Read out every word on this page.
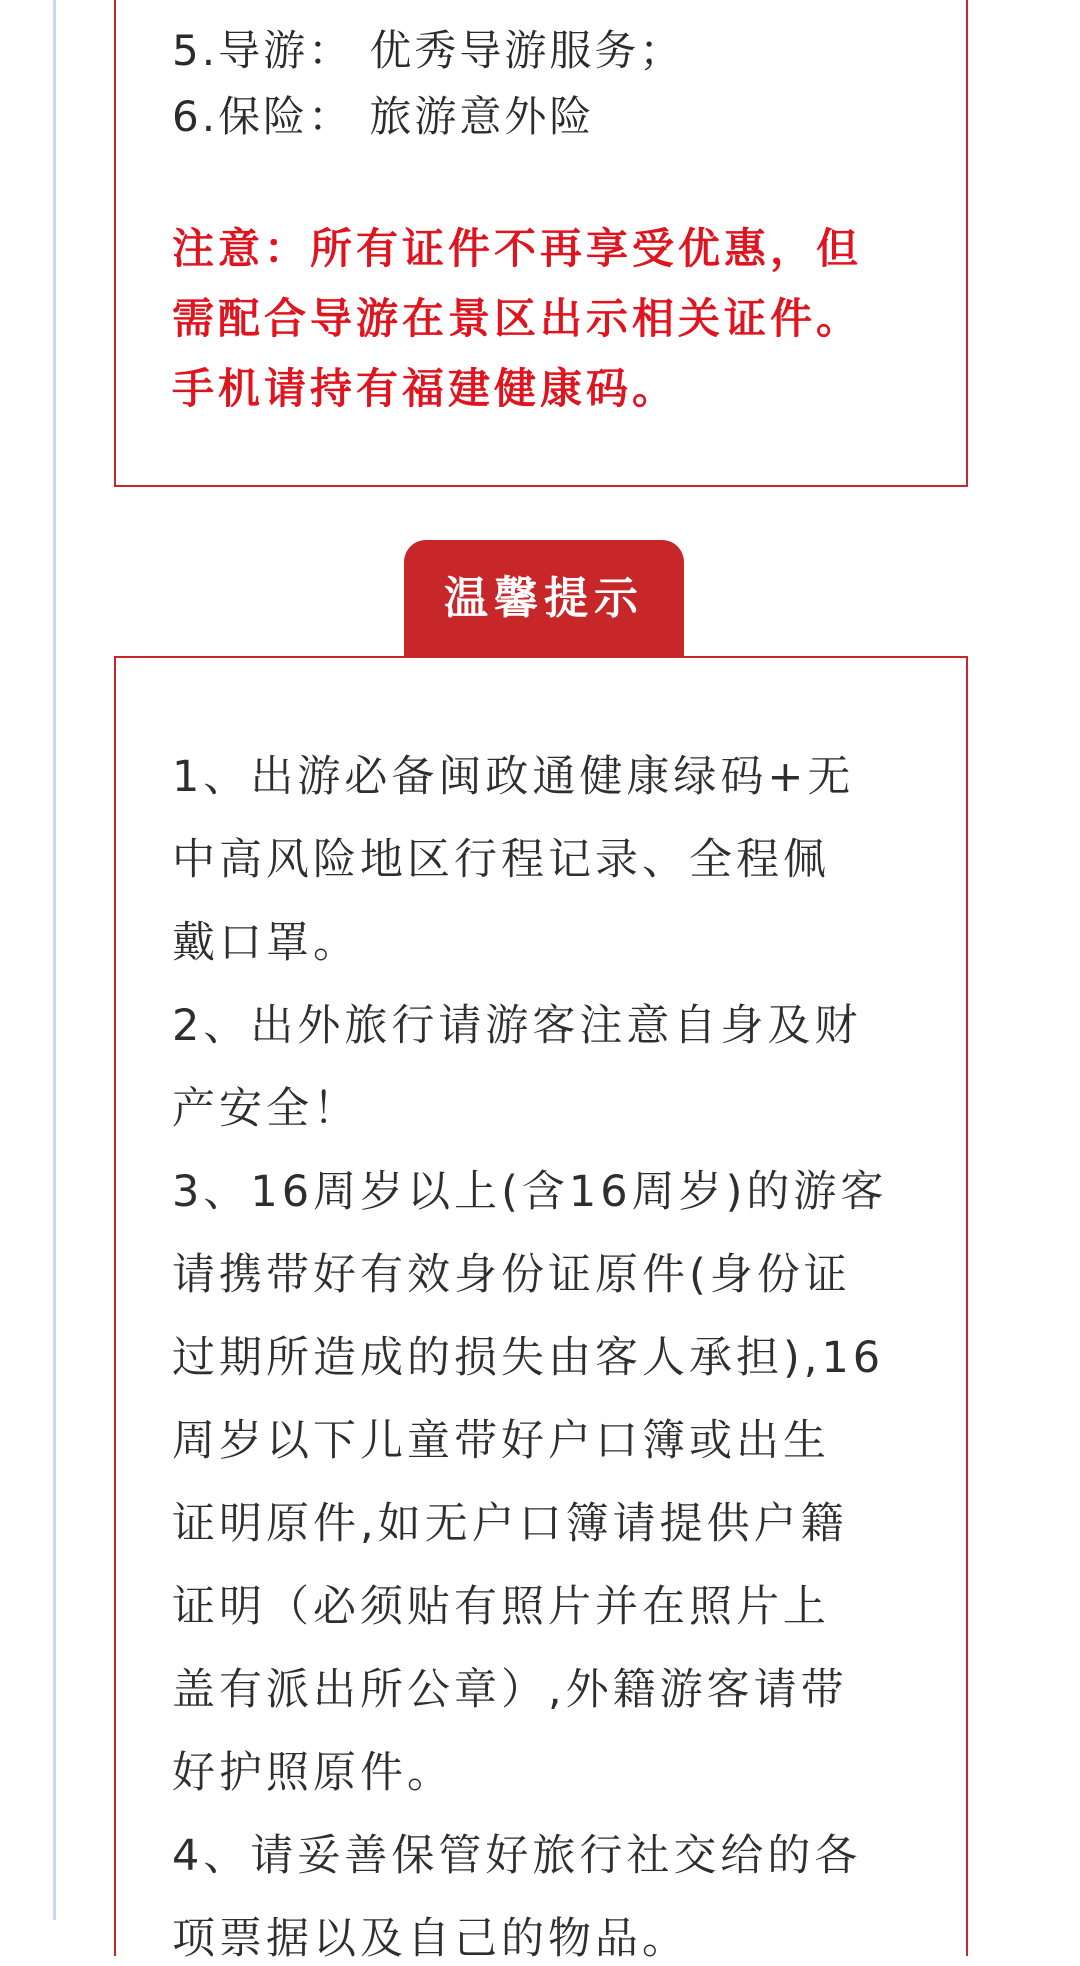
5.导游： 优秀导游服务；
6.保险： 旅游意外险
注意：所有证件不再享受优惠，但
需配合导游在景区出示相关证件。
手机请持有福建健康码。
温馨提示
1、出游必备闽政通健康绿码+无
中高风险地区行程记录、全程佩
戴口罩。
2、出外旅行请游客注意自身及财
产安全！
3、16周岁以上(含16周岁)的游客
请携带好有效身份证原件(身份证
过期所造成的损失由客人承担),16
周岁以下儿童带好户口簿或出生
证明原件,如无户口簿请提供户籍
证明（必须贴有照片并在照片上
盖有派出所公章）,外籍游客请带
好护照原件。
4、请妥善保管好旅行社交给的各
项票据以及自己的物品。
